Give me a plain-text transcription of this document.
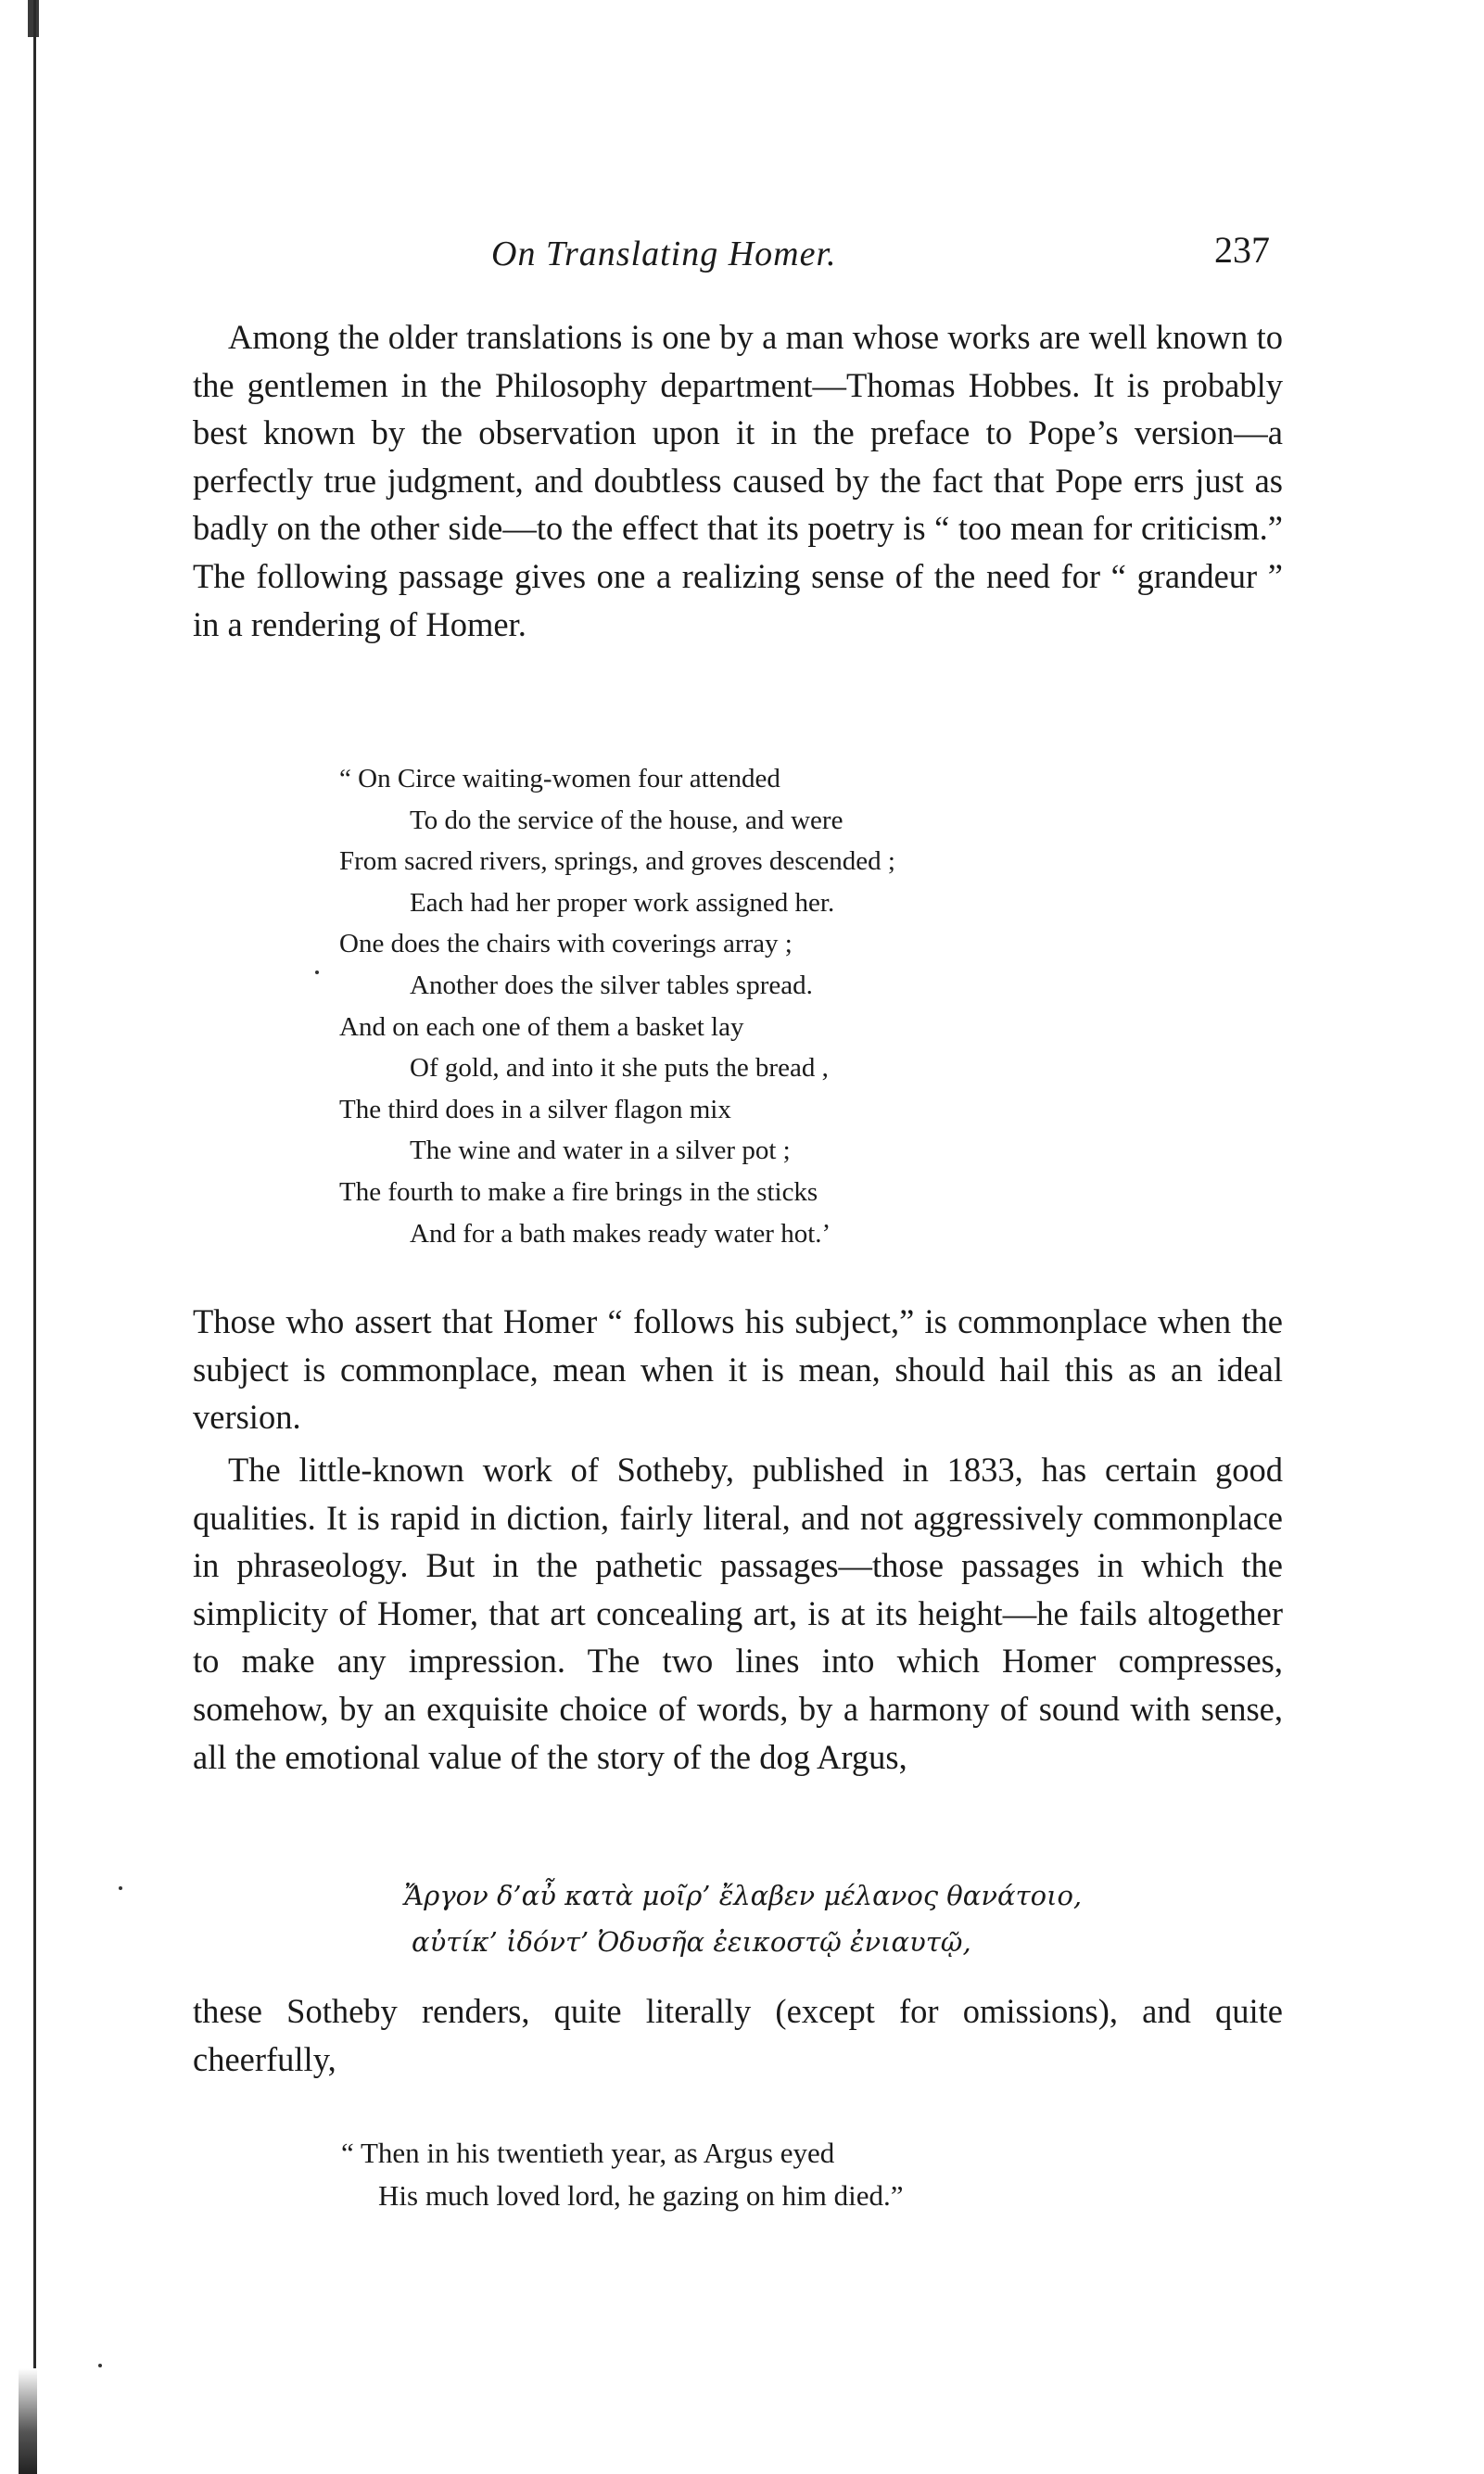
On Translating Homer.	237

Among the older translations is one by a man whose works are well known to the gentlemen in the Philosophy department—Thomas Hobbes. It is probably best known by the observation upon it in the preface to Pope’s version—a perfectly true judgment, and doubtless caused by the fact that Pope errs just as badly on the other side—to the effect that its poetry is “ too mean for criticism.” The following passage gives one a realizing sense of the need for “ grandeur ” in a rendering of Homer.

“ On Circe waiting-women four attended
To do the service of the house, and were
From sacred rivers, springs, and groves descended ;
Each had her proper work assigned her.
One does the chairs with coverings array ;
Another does the silver tables spread.
And on each one of them a basket lay
Of gold, and into it she puts the bread ,
The third does in a silver flagon mix
The wine and water in a silver pot ;
The fourth to make a fire brings in the sticks
And for a bath makes ready water hot.’

Those who assert that Homer “ follows his subject,” is commonplace when the subject is commonplace, mean when it is mean, should hail this as an ideal version.

The little-known work of Sotheby, published in 1833, has certain good qualities. It is rapid in diction, fairly literal, and not aggressively commonplace in phraseology. But in the pathetic passages—those passages in which the simplicity of Homer, that art concealing art, is at its height—he fails altogether to make any impression. The two lines into which Homer compresses, somehow, by an exquisite choice of words, by a harmony of sound with sense, all the emotional value of the story of the dog Argus,

Ἄργον δ’αὖ κατὰ μοῖρ’ ἔλαβεν μέλανος θανάτοιο,
αὐτίκ’ ἰδόντ’ Ὀδυσῆα ἐεικοστῷ ἐνιαυτῷ,

these Sotheby renders, quite literally (except for omissions), and quite cheerfully,

“ Then in his twentieth year, as Argus eyed
His much loved lord, he gazing on him died.”
